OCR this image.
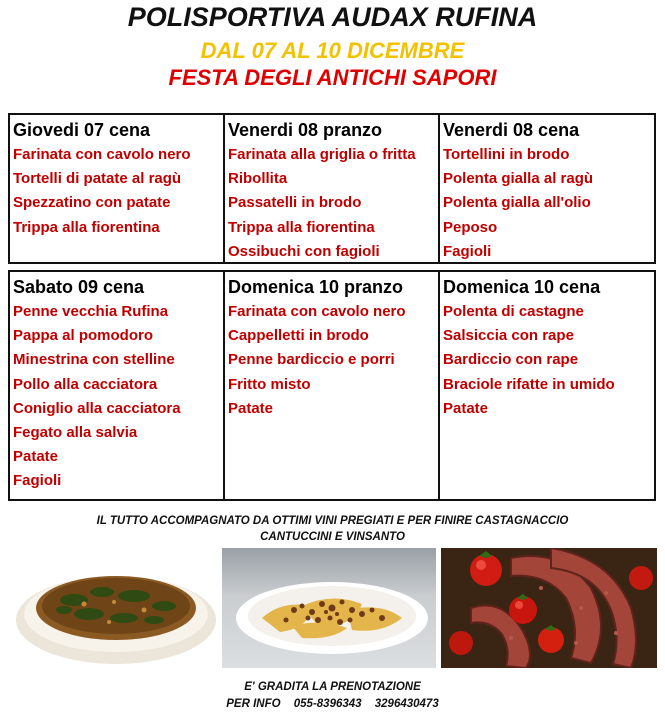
POLISPORTIVA AUDAX RUFINA
DAL 07 AL 10 DICEMBRE
FESTA DEGLI ANTICHI SAPORI
Giovedi 07 cena
Farinata con cavolo nero
Tortelli di patate al ragù
Spezzatino con patate
Trippa alla fiorentina
Venerdi 08 pranzo
Farinata alla griglia o fritta
Ribollita
Passatelli in brodo
Trippa alla fiorentina
Ossibuchi con fagioli
Venerdi 08 cena
Tortellini in brodo
Polenta gialla al ragù
Polenta gialla all'olio
Peposo
Fagioli
Sabato 09 cena
Penne vecchia Rufina
Pappa al pomodoro
Minestrina con stelline
Pollo alla cacciatora
Coniglio alla cacciatora
Fegato alla salvia
Patate
Fagioli
Domenica 10 pranzo
Farinata con cavolo nero
Cappelletti in brodo
Penne bardiccio e porri
Fritto misto
Patate
Domenica 10 cena
Polenta di castagne
Salsiccia con rape
Bardiccio con rape
Braciole rifatte in umido
Patate
IL TUTTO ACCOMPAGNATO DA OTTIMI VINI PREGIATI E PER FINIRE CASTAGNACCIO
CANTUCCINI E VINSANTO
E' GRADITA LA PRENOTAZIONE
PER INFO 055-8396343 3296430473
